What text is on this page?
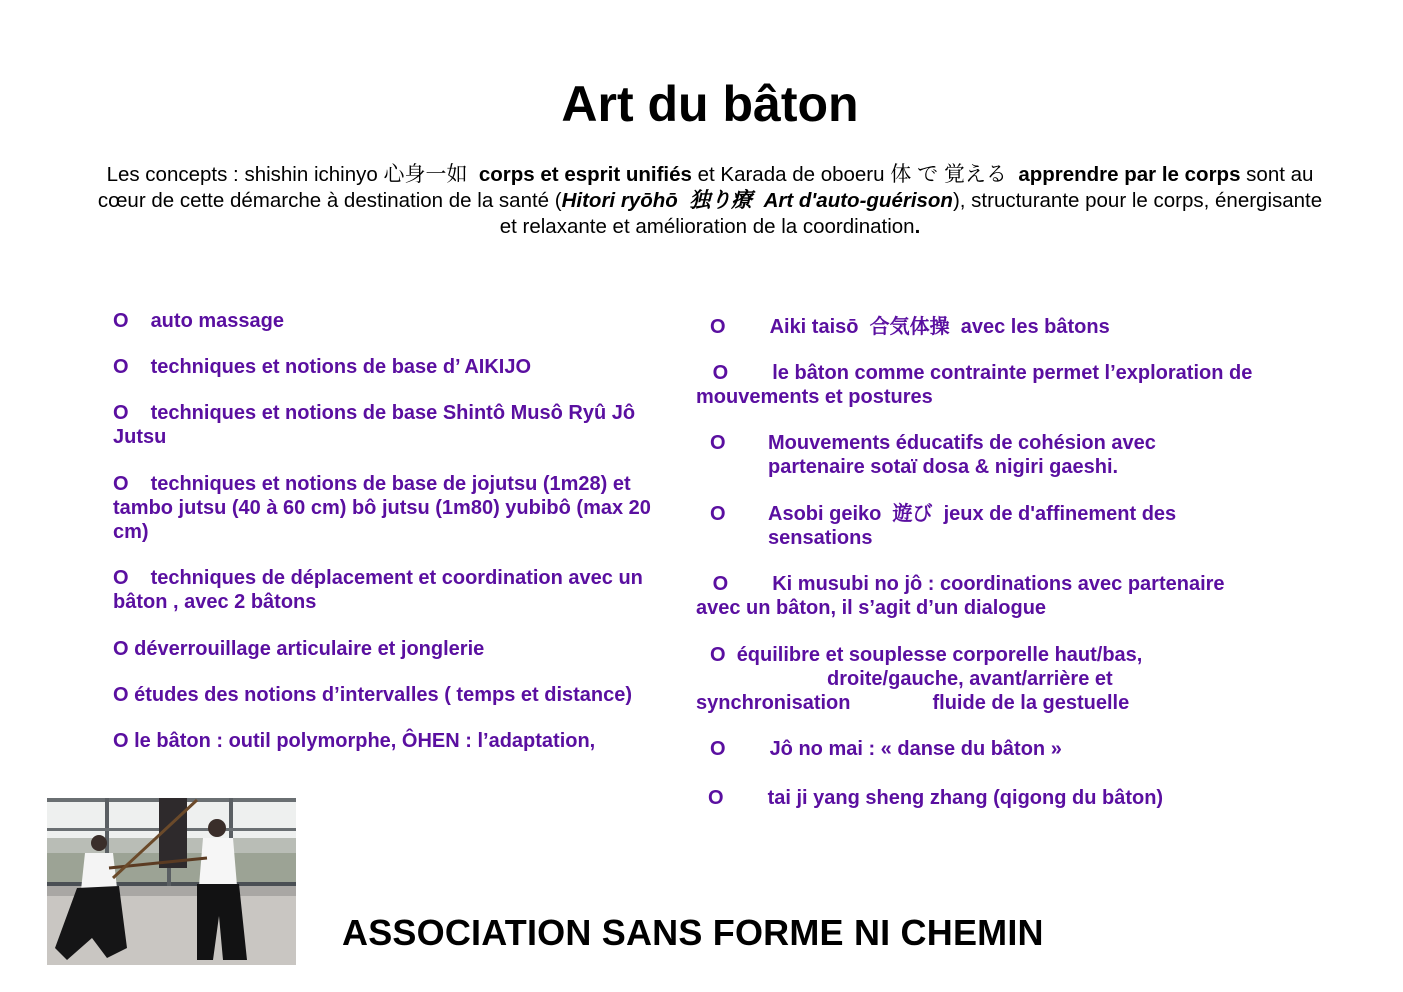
Art du bâton

Les concepts : shishin ichinyo 心身一如 corps et esprit unifiés et Karada de oboeru 体 で 覚える apprendre par le corps sont au cœur de cette démarche à destination de la santé (Hitori ryōhō 独り療 Art d'auto-guérison), structurante pour le corps, énergisante et relaxante et amélioration de la coordination.

O auto massage

O techniques et notions de base d’ AIKIJO

O techniques et notions de base Shintô Musô Ryû Jô Jutsu

O techniques et notions de base de jojutsu (1m28) et tambo jutsu (40 à 60 cm) bô jutsu (1m80) yubibô (max 20 cm)

O techniques de déplacement et coordination avec un bâton , avec 2 bâtons

O déverrouillage articulaire et jonglerie

O études des notions d’intervalles ( temps et distance)

O le bâton : outil polymorphe, ÔHEN : l’adaptation,

O Aiki taisō  合気体操  avec les bâtons

O le bâton comme contrainte permet l’exploration de mouvements et postures

O Mouvements éducatifs de cohésion avec partenaire sotaï dosa & nigiri gaeshi.
O Asobi geiko  遊び  jeux de d'affinement des sensations

O Ki musubi no jô : coordinations avec partenaire avec un bâton, il s’agit d’un dialogue

O équilibre et souplesse corporelle haut/bas,
droite/gauche, avant/arrière et
synchronisation	fluide de la gestuelle

O Jô no mai : « danse du bâton »

O tai ji yang sheng zhang (qigong du bâton)

ASSOCIATION SANS FORME NI CHEMIN
